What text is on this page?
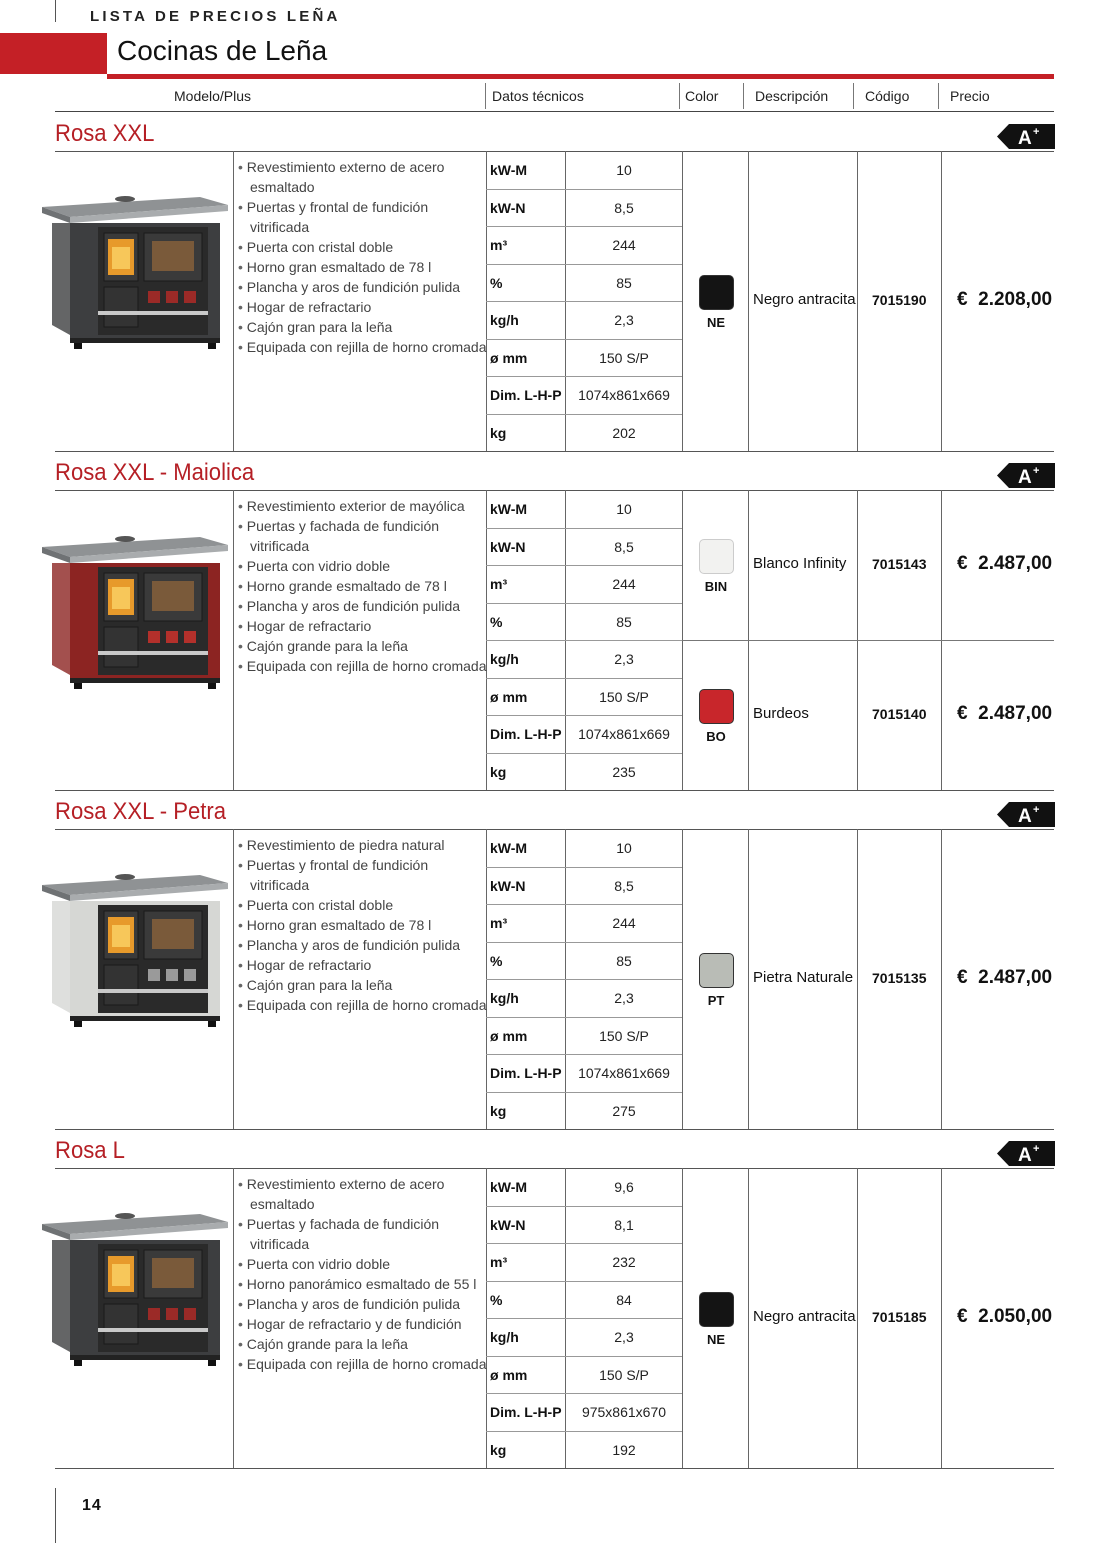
LISTA DE PRECIOS LEÑA
Cocinas de Leña
Modelo/Plus	Datos técnicos	Color	Descripción	Código	Precio
Rosa XXL	A +
• Revestimiento externo de acero esmaltado
• Puertas y frontal de fundición vitrificada
• Puerta con cristal doble
• Horno gran esmaltado de 78 l
• Plancha y aros de fundición pulida
• Hogar de refractario
• Cajón gran para la leña
• Equipada con rejilla de horno cromada
kW-M	10
kW-N	8,5
m³	244
%	85
kg/h	2,3
ø mm	150 S/P
Dim. L-H-P	1074x861x669
kg	202
NE
Negro antracita 7015190 €  2.208,00
Rosa XXL - Maiolica	A +
• Revestimiento exterior de mayólica
• Puertas y fachada de fundición vitrificada
• Puerta con vidrio doble
• Horno grande esmaltado de 78 l
• Plancha y aros de fundición pulida
• Hogar de refractario
• Cajón grande para la leña
• Equipada con rejilla de horno cromada
kW-M	10
kW-N	8,5
m³	244
%	85
kg/h	2,3
ø mm	150 S/P
Dim. L-H-P	1074x861x669
kg	235
BIN
Blanco Infinity 7015143 €  2.487,00
BO
Burdeos	7015140 €  2.487,00
Rosa XXL - Petra	A +
• Revestimiento de piedra natural
• Puertas y frontal de fundición vitrificada
• Puerta con cristal doble
• Horno gran esmaltado de 78 l
• Plancha y aros de fundición pulida
• Hogar de refractario
• Cajón gran para la leña
• Equipada con rejilla de horno cromada
kW-M	10
kW-N	8,5
m³	244
%	85
kg/h	2,3
ø mm	150 S/P
Dim. L-H-P	1074x861x669
kg	275
PT
Pietra Naturale 7015135 €  2.487,00
Rosa L	A +
• Revestimiento externo de acero esmaltado
• Puertas y fachada de fundición vitrificada
• Puerta con vidrio doble
• Horno panorámico esmaltado de 55 l
• Plancha y aros de fundición pulida
• Hogar de refractario y de fundición
• Cajón grande para la leña
• Equipada con rejilla de horno cromada
kW-M	9,6
kW-N	8,1
m³	232
%	84
kg/h	2,3
ø mm	150 S/P
Dim. L-H-P	975x861x670
kg	192
NE
Negro antracita 7015185 €  2.050,00
14
